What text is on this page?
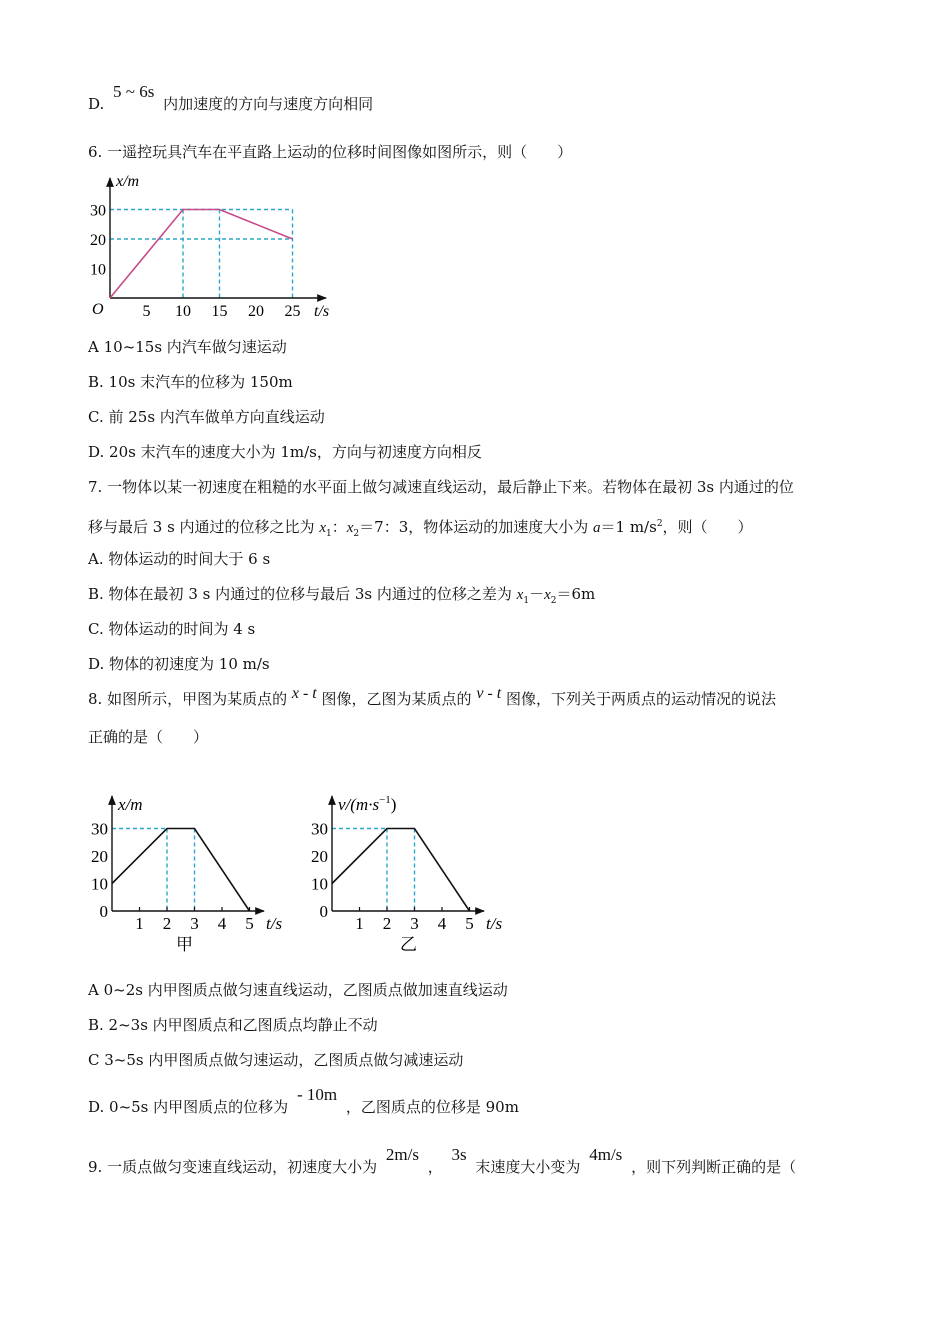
D. 5 ~ 6s 内加速度的方向与速度方向相同
6. 一遥控玩具汽车在平直路上运动的位移时间图像如图所示，则（　　）
30
20
10
5 10 15 20 25
x/m
t/s
O
A 10~15s 内汽车做匀速运动
B. 10s 末汽车的位移为 150m
C. 前 25s 内汽车做单方向直线运动
D. 20s 末汽车的速度大小为 1m/s，方向与初速度方向相反
7. 一物体以某一初速度在粗糙的水平面上做匀减速直线运动，最后静止下来。若物体在最初 3s 内通过的位
移与最后 3 s 内通过的位移之比为 $x_1$：$x_2=7$：3，物体运动的加速度大小为 a＝1 $m/s^2$，则（　　）
A. 物体运动的时间大于 6 s
B. 物体在最初 3 s 内通过的位移与最后 3s 内通过的位移之差为 $x_1-x_2=6m$
C. 物体运动的时间为 4 s
D. 物体的初速度为 10 m/s
8. 如图所示，甲图为某质点的 x - t 图像，乙图为某质点的 v - t 图像，下列关于两质点的运动情况的说法
正确的是（　　）
30
20
10
0
1 2 3 4 5
x/m
t/s
甲
30
20
10
0
1 2 3 4 5
$v/(m\cdot s^{-1})$
t/s
乙
A 0~2s 内甲图质点做匀速直线运动，乙图质点做加速直线运动
B. 2~3s 内甲图质点和乙图质点均静止不动
C 3~5s 内甲图质点做匀速运动，乙图质点做匀减速运动
D. 0~5s 内甲图质点的位移为 - 10m ，乙图质点的位移是 90m
9. 一质点做匀变速直线运动，初速度大小为 2m/s ， 3s 末速度大小变为 4m/s ，则下列判断正确的是（
